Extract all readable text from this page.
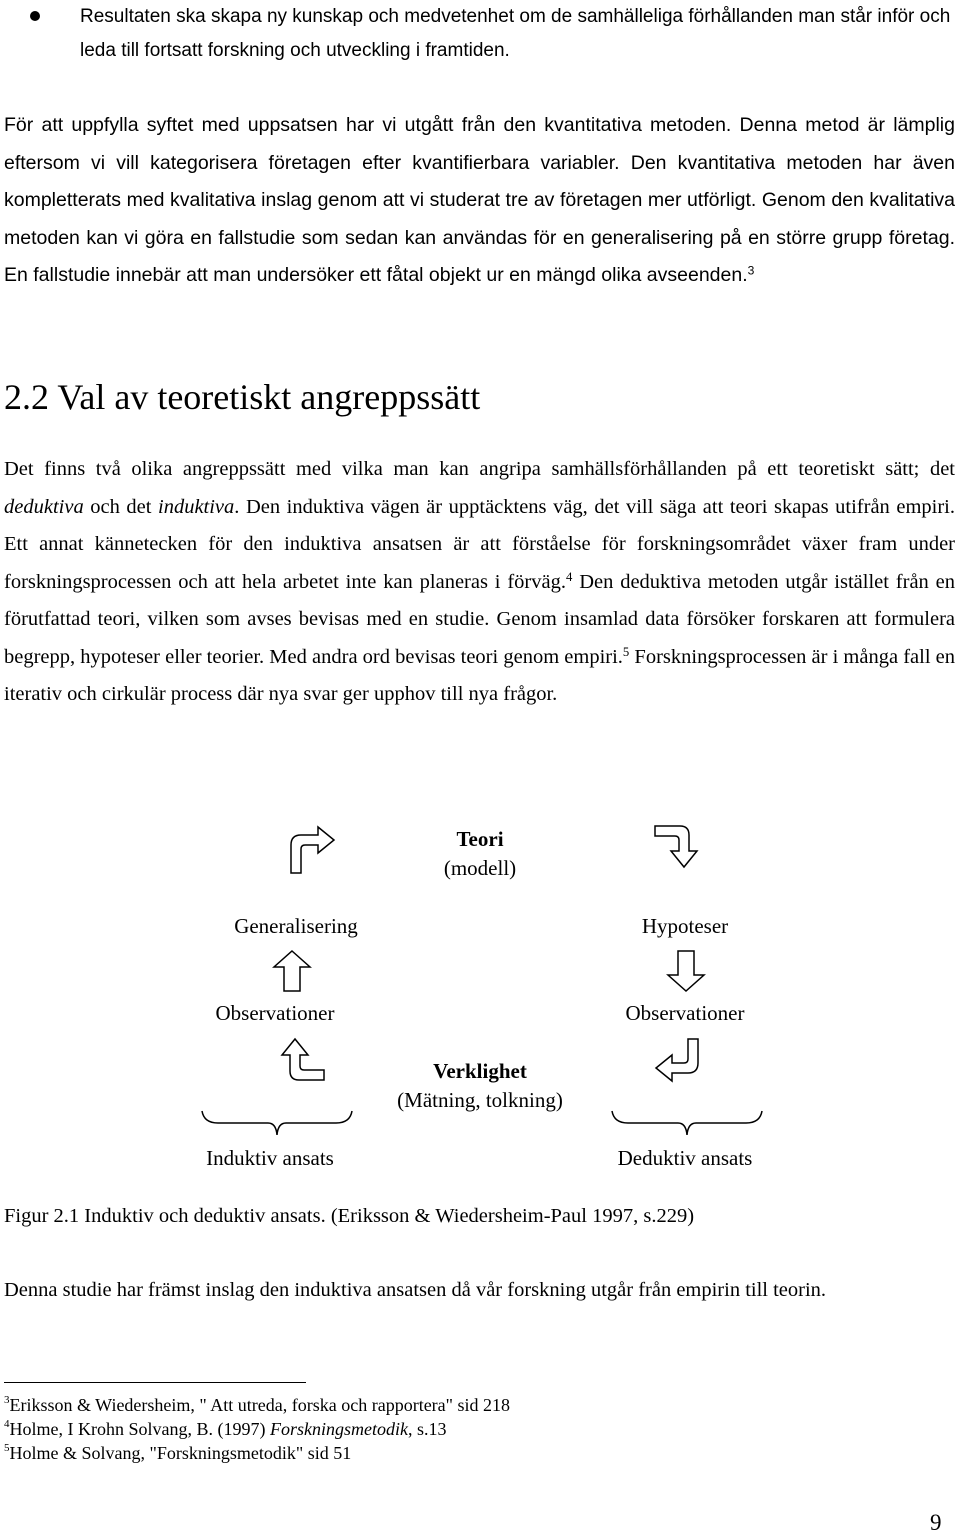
Resultaten ska skapa ny kunskap och medvetenhet om de samhälleliga förhållanden man står inför och leda till fortsatt forskning och utveckling i framtiden.
För att uppfylla syftet med uppsatsen har vi utgått från den kvantitativa metoden. Denna metod är lämplig eftersom vi vill kategorisera företagen efter kvantifierbara variabler. Den kvantitativa metoden har även kompletterats med kvalitativa inslag genom att vi studerat tre av företagen mer utförligt. Genom den kvalitativa metoden kan vi göra en fallstudie som sedan kan användas för en generalisering på en större grupp företag. En fallstudie innebär att man undersöker ett fåtal objekt ur en mängd olika avseenden.$^3$
2.2 Val av teoretiskt angreppssätt
Det finns två olika angreppssätt med vilka man kan angripa samhällsförhållanden på ett teoretiskt sätt; det deduktiva och det induktiva. Den induktiva vägen är upptäcktens väg, det vill säga att teori skapas utifrån empiri. Ett annat kännetecken för den induktiva ansatsen är att förståelse för forskningsområdet växer fram under forskningsprocessen och att hela arbetet inte kan planeras i förväg.$^4$ Den deduktiva metoden utgår istället från en förutfattad teori, vilken som avses bevisas med en studie. Genom insamlad data försöker forskaren att formulera begrepp, hypoteser eller teorier. Med andra ord bevisas teori genom empiri.$^5$ Forskningsprocessen är i många fall en iterativ och cirkulär process där nya svar ger upphov till nya frågor.
Teori
(modell)
Generalisering
Observationer
Hypoteser
Observationer
Verklighet
(Mätning, tolkning)
Induktiv ansats	Deduktiv ansats
Figur 2.1 Induktiv och deduktiv ansats. (Eriksson & Wiedersheim-Paul 1997, s.229)
Denna studie har främst inslag den induktiva ansatsen då vår forskning utgår från empirin till teorin.
$^3$Eriksson & Wiedersheim, " Att utreda, forska och rapportera" sid 218
$^4$Holme, I Krohn Solvang, B. (1997) Forskningsmetodik, s.13
$^5$Holme & Solvang, "Forskningsmetodik" sid 51
9
